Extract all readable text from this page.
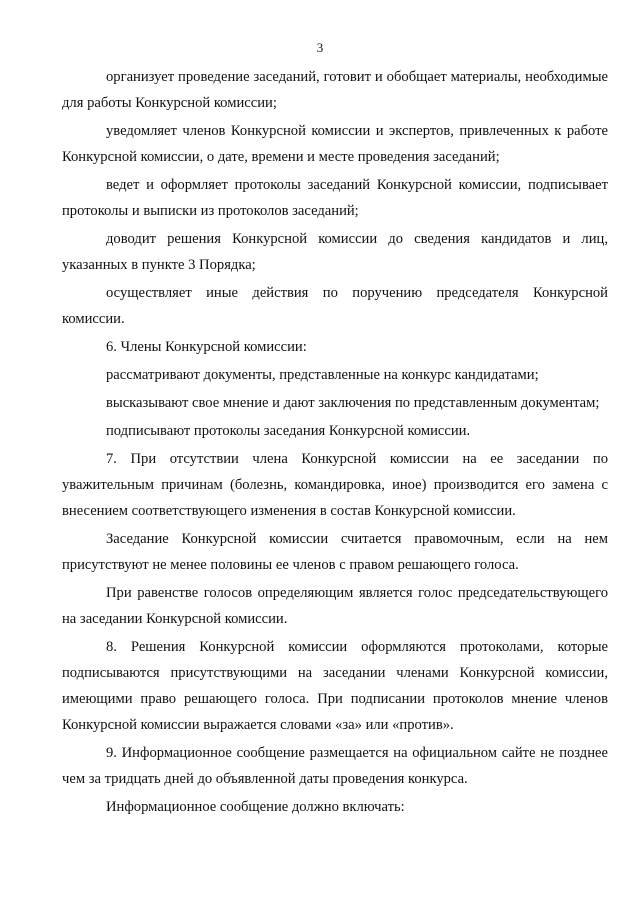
3

организует проведение заседаний, готовит и обобщает материалы, необходимые для работы Конкурсной комиссии;

уведомляет членов Конкурсной комиссии и экспертов, привлеченных к работе Конкурсной комиссии, о дате, времени и месте проведения заседаний;

ведет и оформляет протоколы заседаний Конкурсной комиссии, подписывает протоколы и выписки из протоколов заседаний;

доводит решения Конкурсной комиссии до сведения кандидатов и лиц, указанных в пункте 3 Порядка;

осуществляет иные действия по поручению председателя Конкурсной комиссии.

6. Члены Конкурсной комиссии:

рассматривают документы, представленные на конкурс кандидатами;

высказывают свое мнение и дают заключения по представленным документам;

подписывают протоколы заседания Конкурсной комиссии.

7. При отсутствии члена Конкурсной комиссии на ее заседании по уважительным причинам (болезнь, командировка, иное) производится его замена с внесением соответствующего изменения в состав Конкурсной комиссии.

Заседание Конкурсной комиссии считается правомочным, если на нем присутствуют не менее половины ее членов с правом решающего голоса.

При равенстве голосов определяющим является голос председательствующего на заседании Конкурсной комиссии.

8. Решения Конкурсной комиссии оформляются протоколами, которые подписываются присутствующими на заседании членами Конкурсной комиссии, имеющими право решающего голоса. При подписании протоколов мнение членов Конкурсной комиссии выражается словами «за» или «против».

9. Информационное сообщение размещается на официальном сайте не позднее чем за тридцать дней до объявленной даты проведения конкурса.

Информационное сообщение должно включать:
